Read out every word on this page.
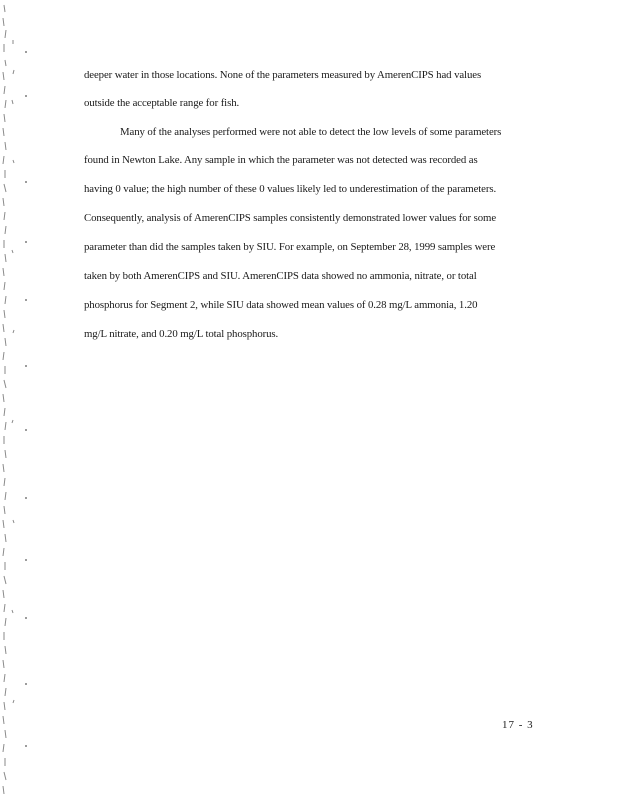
deeper water in those locations. None of the parameters measured by AmerenCIPS had values
outside the acceptable range for fish.
Many of the analyses performed were not able to detect the low levels of some parameters
found in Newton Lake. Any sample in which the parameter was not detected was recorded as
having 0 value; the high number of these 0 values likely led to underestimation of the parameters.
Consequently, analysis of AmerenCIPS samples consistently demonstrated lower values for some
parameter than did the samples taken by SIU. For example, on September 28, 1999 samples were
taken by both AmerenCIPS and SIU. AmerenCIPS data showed no ammonia, nitrate, or total
phosphorus for Segment 2, while SIU data showed mean values of 0.28 mg/L ammonia, 1.20
mg/L nitrate, and 0.20 mg/L total phosphorus.
17 - 3
